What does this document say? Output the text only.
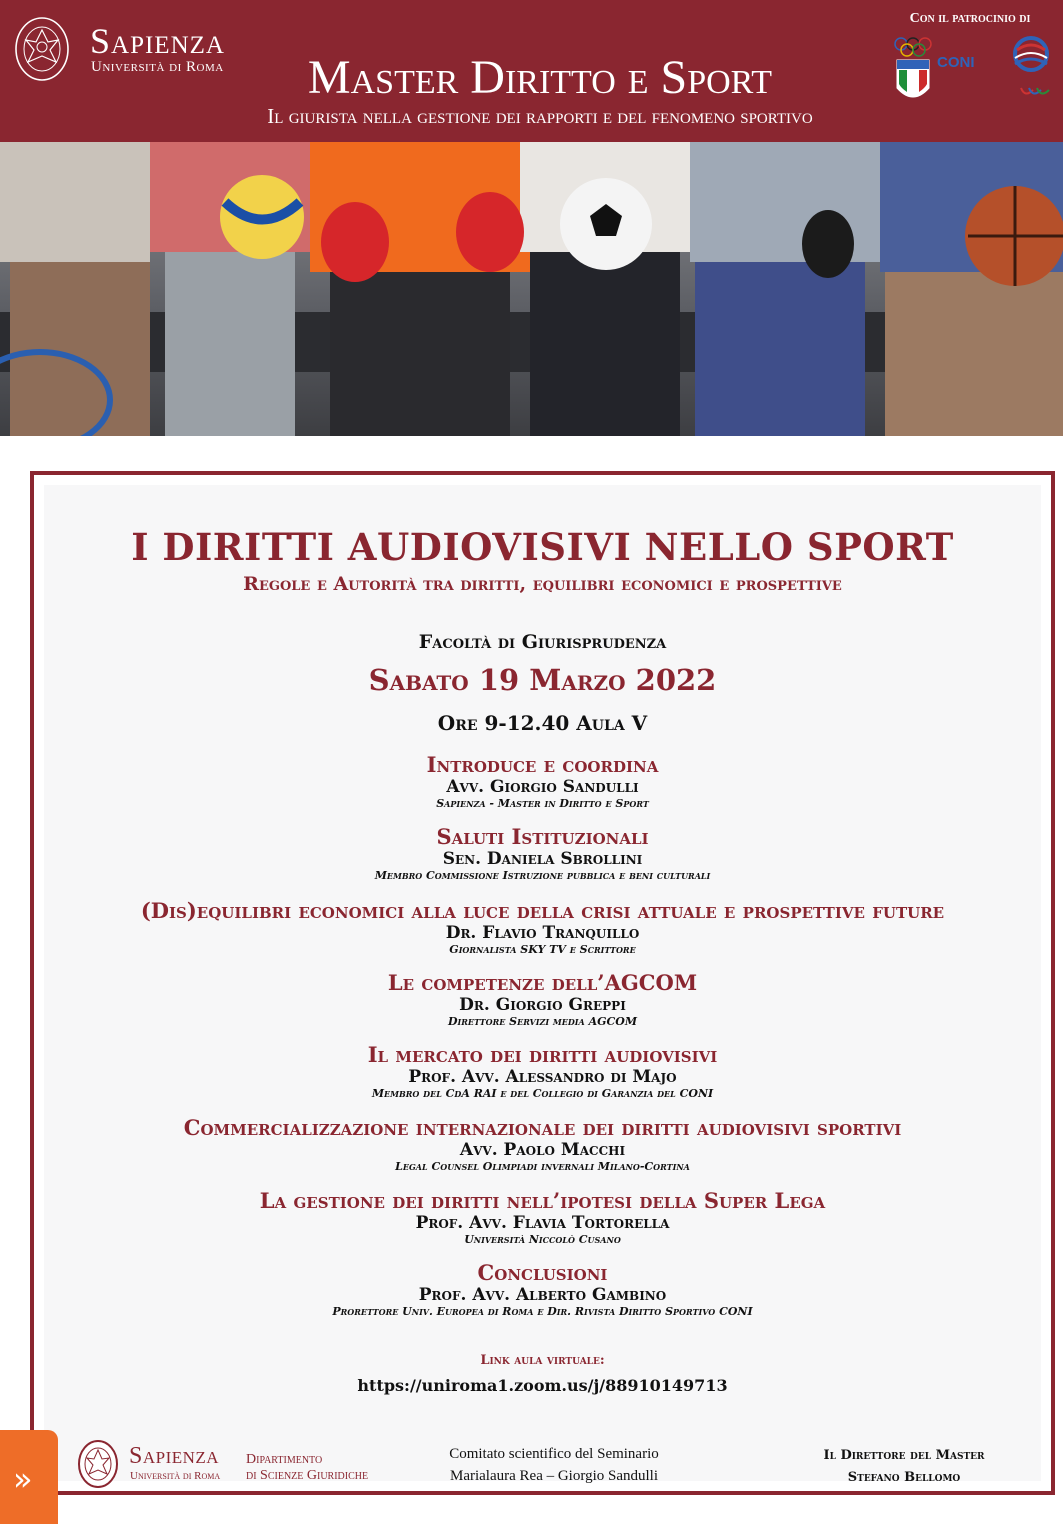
Sapienza
Università di Roma	Master Diritto e Sport
Il giurista nella gestione dei rapporti e del fenomeno sportivo
Con il patrocinio di
CONI
I DIRITTI AUDIOVISIVI NELLO SPORT
Regole e Autorità tra diritti, equilibri economici e prospettive
Facoltà di Giurisprudenza
Sabato 19 Marzo 2022
Ore 9-12.40 Aula V
Introduce e coordina
Avv. Giorgio Sandulli
Sapienza - Master in Diritto e Sport
Saluti Istituzionali
Sen. Daniela Sbrollini
Membro Commissione Istruzione pubblica e beni culturali
(Dis)equilibri economici alla luce della crisi attuale e prospettive future
Dr. Flavio Tranquillo
Giornalista SKY TV e Scrittore
Le competenze dell’AGCOM
Dr. Giorgio Greppi
Direttore Servizi media AGCOM
Il mercato dei diritti audiovisivi
Prof. Avv. Alessandro di Majo
Membro del CdA RAI e del Collegio di Garanzia del CONI
Commercializzazione internazionale dei diritti audiovisivi sportivi
Avv. Paolo Macchi
Legal Counsel Olimpiadi invernali Milano-Cortina
La gestione dei diritti nell’ipotesi della Super Lega
Prof. Avv. Flavia Tortorella
Università Niccolò Cusano
Conclusioni
Prof. Avv. Alberto Gambino
Prorettore Univ. Europea di Roma e Dir. Rivista Diritto Sportivo CONI
Link aula virtuale:
https://uniroma1.zoom.us/j/88910149713
Sapienza
Università di Roma
Dipartimento
di Scienze Giuridiche
Comitato scientifico del Seminario
Marialaura Rea – Giorgio Sandulli
Il Direttore del Master
Stefano Bellomo
»
